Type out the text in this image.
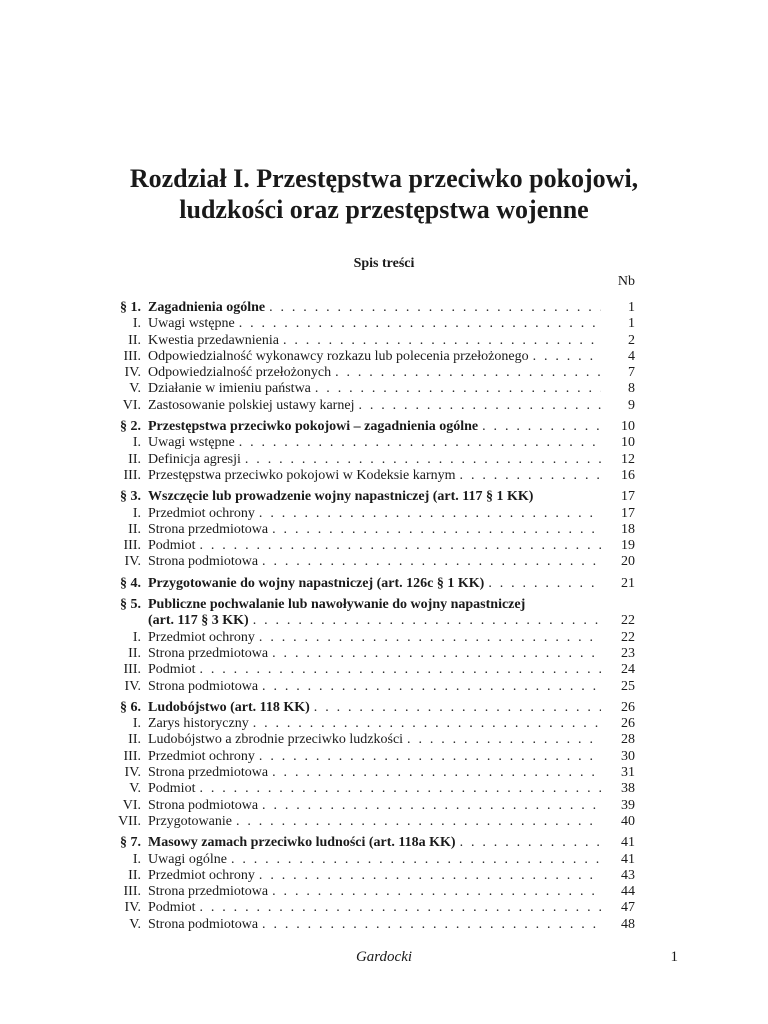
Rozdział I. Przestępstwa przeciwko pokojowi,
ludzkości oraz przestępstwa wojenne
Spis treści
Nb
§ 1. Zagadnienia ogólne . . .	1
I. Uwagi wstępne . . .	1
II. Kwestia przedawnienia . . .	2
III. Odpowiedzialność wykonawcy rozkazu lub polecenia przełożonego . . .	4
IV. Odpowiedzialność przełożonych . . .	7
V. Działanie w imieniu państwa . . .	8
VI. Zastosowanie polskiej ustawy karnej . . .	9
§ 2. Przestępstwa przeciwko pokojowi – zagadnienia ogólne . . .	10
I. Uwagi wstępne . . .	10
II. Definicja agresji . . .	12
III. Przestępstwa przeciwko pokojowi w Kodeksie karnym . . .	16
§ 3. Wszczęcie lub prowadzenie wojny napastniczej (art. 117 § 1 KK)	17
I. Przedmiot ochrony . . .	17
II. Strona przedmiotowa . . .	18
III. Podmiot . . .	19
IV. Strona podmiotowa . . .	20
§ 4. Przygotowanie do wojny napastniczej (art. 126c § 1 KK) . . .	21
§ 5. Publiczne pochwalanie lub nawoływanie do wojny napastniczej
(art. 117 § 3 KK) . . .	22
I. Przedmiot ochrony . . .	22
II. Strona przedmiotowa . . .	23
III. Podmiot . . .	24
IV. Strona podmiotowa . . .	25
§ 6. Ludobójstwo (art. 118 KK) . . .	26
I. Zarys historyczny . . .	26
II. Ludobójstwo a zbrodnie przeciwko ludzkości . . .	28
III. Przedmiot ochrony . . .	30
IV. Strona przedmiotowa . . .	31
V. Podmiot . . .	38
VI. Strona podmiotowa . . .	39
VII. Przygotowanie . . .	40
§ 7. Masowy zamach przeciwko ludności (art. 118a KK) . . .	41
I. Uwagi ogólne . . .	41
II. Przedmiot ochrony . . .	43
III. Strona przedmiotowa . . .	44
IV. Podmiot . . .	47
V. Strona podmiotowa . . .	48
Gardocki	1
